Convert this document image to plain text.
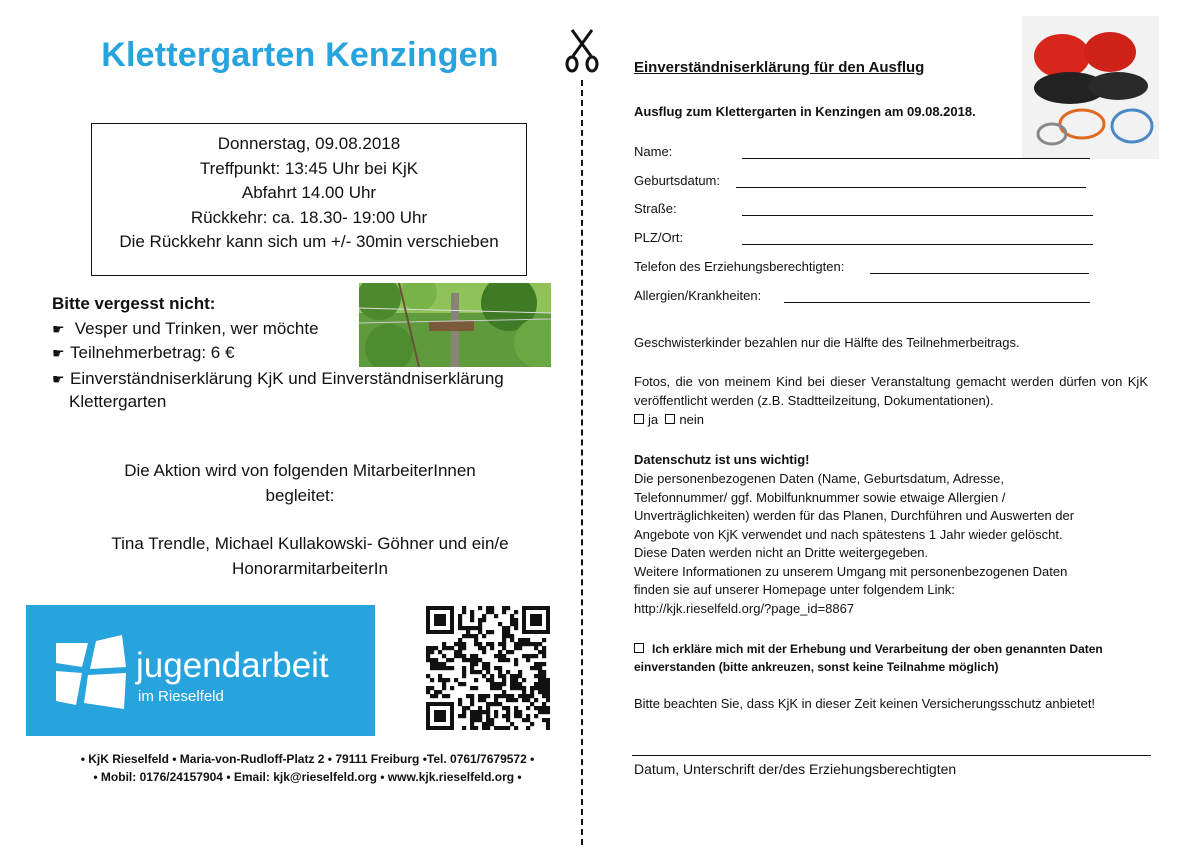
Klettergarten Kenzingen
Donnerstag, 09.08.2018
Treffpunkt: 13:45 Uhr bei KjK
Abfahrt 14.00 Uhr
Rückkehr: ca. 18.30- 19:00 Uhr
Die Rückkehr kann sich um +/- 30min verschieben
Bitte vergesst nicht:
☛ Vesper und Trinken, wer möchte
☛ Teilnehmerbetrag: 6 €
☛ Einverständniserklärung KjK und Einverständniserklärung
Klettergarten
Die Aktion wird von folgenden MitarbeiterInnen
begleitet:
Tina Trendle, Michael Kullakowski- Göhner und ein/e
HonorarmitarbeiterIn
jugendarbeit
im Rieselfeld
• KjK Rieselfeld • Maria-von-Rudloff-Platz 2 • 79111 Freiburg •Tel. 0761/7679572 •
• Mobil: 0176/24157904 • Email: kjk@rieselfeld.org • www.kjk.rieselfeld.org •
Einverständniserklärung für den Ausflug
Ausflug zum Klettergarten in Kenzingen am 09.08.2018.
Name:
Geburtsdatum:
Straße:
PLZ/Ort:
Telefon des Erziehungsberechtigten:
Allergien/Krankheiten:
Geschwisterkinder bezahlen nur die Hälfte des Teilnehmerbeitrags.
Fotos, die von meinem Kind bei dieser Veranstaltung gemacht werden dürfen von KjK veröffentlicht werden (z.B. Stadtteilzeitung, Dokumentationen).
ja nein
Datenschutz ist uns wichtig!
Die personenbezogenen Daten (Name, Geburtsdatum, Adresse,
Telefonnummer/ ggf. Mobilfunknummer sowie etwaige Allergien /
Unverträglichkeiten) werden für das Planen, Durchführen und Auswerten der
Angebote von KjK verwendet und nach spätestens 1 Jahr wieder gelöscht.
Diese Daten werden nicht an Dritte weitergegeben.
Weitere Informationen zu unserem Umgang mit personenbezogenen Daten
finden sie auf unserer Homepage unter folgendem Link:
http://kjk.rieselfeld.org/?page_id=8867
Ich erkläre mich mit der Erhebung und Verarbeitung der oben genannten Daten
einverstanden (bitte ankreuzen, sonst keine Teilnahme möglich)
Bitte beachten Sie, dass KjK in dieser Zeit keinen Versicherungsschutz anbietet!
Datum, Unterschrift der/des Erziehungsberechtigten
